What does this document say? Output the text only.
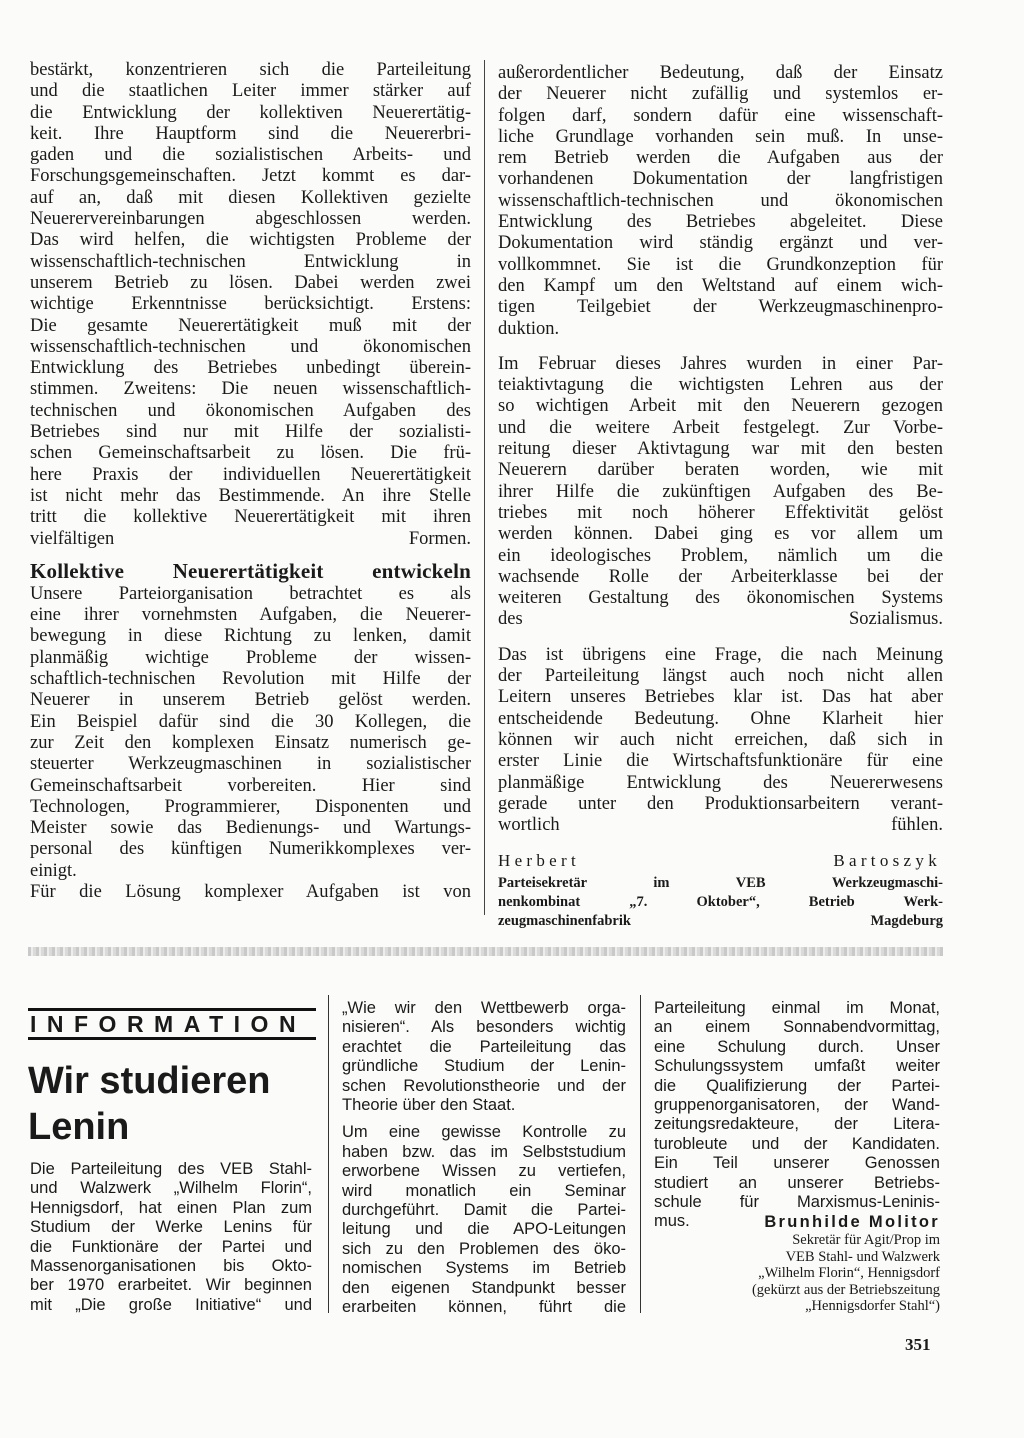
bestärkt, konzentrieren sich die Parteileitung
und die staatlichen Leiter immer stärker auf
die Entwicklung der kollektiven Neuerertätig-
keit. Ihre Hauptform sind die Neuererbri-
gaden und die sozialistischen Arbeits- und
Forschungsgemeinschaften. Jetzt kommt es dar-
auf an, daß mit diesen Kollektiven gezielte
Neuerervereinbarungen abgeschlossen werden.
Das wird helfen, die wichtigsten Probleme der
wissenschaftlich-technischen Entwicklung in
unserem Betrieb zu lösen. Dabei werden zwei
wichtige Erkenntnisse berücksichtigt. Erstens:
Die gesamte Neuerertätigkeit muß mit der
wissenschaftlich-technischen und ökonomischen
Entwicklung des Betriebes unbedingt überein-
stimmen. Zweitens: Die neuen wissenschaftlich-
technischen und ökonomischen Aufgaben des
Betriebes sind nur mit Hilfe der sozialisti-
schen Gemeinschaftsarbeit zu lösen. Die frü-
here Praxis der individuellen Neuerertätigkeit
ist nicht mehr das Bestimmende. An ihre Stelle
tritt die kollektive Neuerertätigkeit mit ihren
vielfältigen Formen.

Kollektive Neuerertätigkeit entwickeln

Unsere Parteiorganisation betrachtet es als
eine ihrer vornehmsten Aufgaben, die Neuerer-
bewegung in diese Richtung zu lenken, damit
planmäßig wichtige Probleme der wissen-
schaftlich-technischen Revolution mit Hilfe der
Neuerer in unserem Betrieb gelöst werden.
Ein Beispiel dafür sind die 30 Kollegen, die
zur Zeit den komplexen Einsatz numerisch ge-
steuerter Werkzeugmaschinen in sozialistischer
Gemeinschaftsarbeit vorbereiten. Hier sind
Technologen, Programmierer, Disponenten und
Meister sowie das Bedienungs- und Wartungs-
personal des künftigen Numerikkomplexes ver-
einigt.

Für die Lösung komplexer Aufgaben ist von

außerordentlicher Bedeutung, daß der Einsatz
der Neuerer nicht zufällig und systemlos er-
folgen darf, sondern dafür eine wissenschaft-
liche Grundlage vorhanden sein muß. In unse-
rem Betrieb werden die Aufgaben aus der
vorhandenen Dokumentation der langfristigen
wissenschaftlich-technischen und ökonomischen
Entwicklung des Betriebes abgeleitet. Diese
Dokumentation wird ständig ergänzt und ver-
vollkommnet. Sie ist die Grundkonzeption für
den Kampf um den Weltstand auf einem wich-
tigen Teilgebiet der Werkzeugmaschinenpro-
duktion.

Im Februar dieses Jahres wurden in einer Par-
teiaktivtagung die wichtigsten Lehren aus der
so wichtigen Arbeit mit den Neuerern gezogen
und die weitere Arbeit festgelegt. Zur Vorbe-
reitung dieser Aktivtagung war mit den besten
Neuerern darüber beraten worden, wie mit
ihrer Hilfe die zukünftigen Aufgaben des Be-
triebes mit noch höherer Effektivität gelöst
werden können. Dabei ging es vor allem um
ein ideologisches Problem, nämlich um die
wachsende Rolle der Arbeiterklasse bei der
weiteren Gestaltung des ökonomischen Systems
des Sozialismus.

Das ist übrigens eine Frage, die nach Meinung
der Parteileitung längst auch noch nicht allen
Leitern unseres Betriebes klar ist. Das hat aber
entscheidende Bedeutung. Ohne Klarheit hier
können wir auch nicht erreichen, daß sich in
erster Linie die Wirtschaftsfunktionäre für eine
planmäßige Entwicklung des Neuererwesens
gerade unter den Produktionsarbeitern verant-
wortlich fühlen.

Herbert Bartoszyk
Parteisekretär im VEB Werkzeugmaschi-
nenkombinat „7. Oktober“, Betrieb Werk-
zeugmaschinenfabrik Magdeburg
INFORMATION
Wir studieren
Lenin
Die Parteileitung des VEB Stahl-
und Walzwerk „Wilhelm Florin“,
Hennigsdorf, hat einen Plan zum
Studium der Werke Lenins für
die Funktionäre der Partei und
Massenorganisationen bis Okto-
ber 1970 erarbeitet. Wir beginnen
mit „Die große Initiative“ und
„Wie wir den Wettbewerb orga-
nisieren“. Als besonders wichtig
erachtet die Parteileitung das
gründliche Studium der Lenin-
schen Revolutionstheorie und der
Theorie über den Staat.
Um eine gewisse Kontrolle zu
haben bzw. das im Selbststudium
erworbene Wissen zu vertiefen,
wird monatlich ein Seminar
durchgeführt. Damit die Partei-
leitung und die APO-Leitungen
sich zu den Problemen des öko-
nomischen Systems im Betrieb
den eigenen Standpunkt besser
erarbeiten können, führt die
Parteileitung einmal im Monat,
an einem Sonnabendvormittag,
eine Schulung durch. Unser
Schulungssystem umfaßt weiter
die Qualifizierung der Partei-
gruppenorganisatoren, der Wand-
zeitungsredakteure, der Litera-
turobleute und der Kandidaten.
Ein Teil unserer Genossen
studiert an unserer Betriebs-
schule für Marxismus-Leninis-
mus.	Brunhilde Molitor
Sekretär für Agit/Prop im
VEB Stahl- und Walzwerk
„Wilhelm Florin“, Hennigsdorf
(gekürzt aus der Betriebszeitung
„Hennigsdorfer Stahl“)
351
